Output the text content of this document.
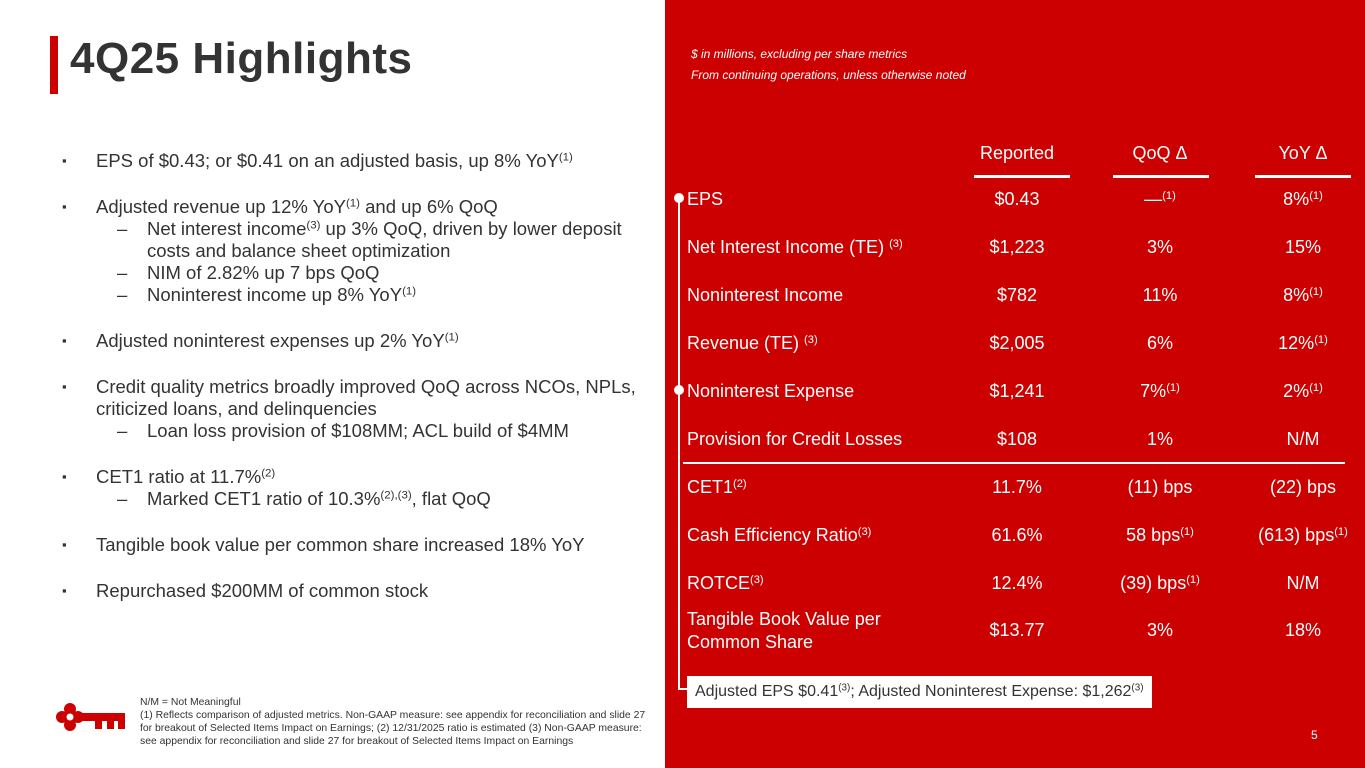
4Q25 Highlights
▪ EPS of $0.43; or $0.41 on an adjusted basis, up 8% YoY$^{(1)}$
▪ Adjusted revenue up 12% YoY$^{(1)}$ and up 6% QoQ
– Net interest income$^{(3)}$ up 3% QoQ, driven by lower deposit costs and balance sheet optimization
– NIM of 2.82% up 7 bps QoQ
– Noninterest income up 8% YoY$^{(1)}$
▪ Adjusted noninterest expenses up 2% YoY$^{(1)}$
▪ Credit quality metrics broadly improved QoQ across NCOs, NPLs, criticized loans, and delinquencies
– Loan loss provision of $108MM; ACL build of $4MM
▪ CET1 ratio at 11.7%$^{(2)}$
– Marked CET1 ratio of 10.3%$^{(2),(3)}$, flat QoQ
▪ Tangible book value per common share increased 18% YoY
▪ Repurchased $200MM of common stock
N/M = Not Meaningful
(1) Reflects comparison of adjusted metrics. Non-GAAP measure: see appendix for reconciliation and slide 27 for breakout of Selected Items Impact on Earnings; (2) 12/31/2025 ratio is estimated (3) Non-GAAP measure: see appendix for reconciliation and slide 27 for breakout of Selected Items Impact on Earnings
$ in millions, excluding per share metrics
From continuing operations, unless otherwise noted
Reported	QoQ Δ	YoY Δ
EPS	$0.43	—$^{(1)}$	8%$^{(1)}$
Net Interest Income (TE) $^{(3)}$	$1,223	3%	15%
Noninterest Income	$782	11%	8%$^{(1)}$
Revenue (TE) $^{(3)}$	$2,005	6%	12%$^{(1)}$
Noninterest Expense	$1,241	7%$^{(1)}$	2%$^{(1)}$
Provision for Credit Losses	$108	1%	N/M
CET1$^{(2)}$	11.7%	(11) bps	(22) bps
Cash Efficiency Ratio$^{(3)}$	61.6%	58 bps$^{(1)}$	(613) bps$^{(1)}$
ROTCE$^{(3)}$	12.4%	(39) bps$^{(1)}$	N/M
Tangible Book Value per
Common Share
$13.77	3%	18%
Adjusted EPS $0.41$^{(3)}$; Adjusted Noninterest Expense: $1,262$^{(3)}$
5
